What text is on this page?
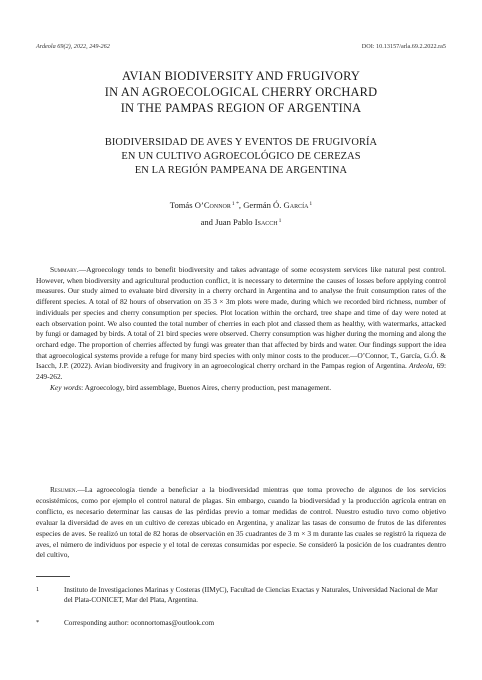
Ardeola 69(2), 2022, 249-262	DOI: 10.13157/arla.69.2.2022.ra5
AVIAN BIODIVERSITY AND FRUGIVORY
IN AN AGROECOLOGICAL CHERRY ORCHARD
IN THE PAMPAS REGION OF ARGENTINA
BIODIVERSIDAD DE AVES Y EVENTOS DE FRUGIVORÍA
EN UN CULTIVO AGROECOLÓGICO DE CEREZAS
EN LA REGIÓN PAMPEANA DE ARGENTINA
Tomás O’Connor$^{1 *}$, Germán Ó. García$^1$
and Juan Pablo Isacch$^1$

Summary.—Agroecology tends to benefit biodiversity and takes advantage of some ecosystem services like natural pest control. However, when biodiversity and agricultural production conflict, it is necessary to determine the causes of losses before applying control measures. Our study aimed to evaluate bird diversity in a cherry orchard in Argentina and to analyse the fruit consumption rates of the different species. A total of 82 hours of observation on 35 3 × 3m plots were made, during which we recorded bird richness, number of individuals per species and cherry consumption per species. Plot location within the orchard, tree shape and time of day were noted at each observation point. We also counted the total number of cherries in each plot and classed them as healthy, with watermarks, attacked by fungi or damaged by birds. A total of 21 bird species were observed. Cherry consumption was higher during the morning and along the orchard edge. The proportion of cherries affected by fungi was greater than that affected by birds and water. Our findings support the idea that agroecological systems provide a refuge for many bird species with only minor costs to the producer.—O’Connor, T., García, G.Ó. & Isacch, J.P. (2022). Avian biodiversity and frugivory in an agroecological cherry orchard in the Pampas region of Argentina. Ardeola, 69: 249-262.

Key words: Agroecology, bird assemblage, Buenos Aires, cherry production, pest management.

Resumen.—La agroecología tiende a beneficiar a la biodiversidad mientras que toma provecho de algunos de los servicios ecosistémicos, como por ejemplo el control natural de plagas. Sin embargo, cuando la biodiversidad y la producción agrícola entran en conflicto, es necesario determinar las causas de las pérdidas previo a tomar medidas de control. Nuestro estudio tuvo como objetivo evaluar la diversidad de aves en un cultivo de cerezas ubicado en Argentina, y analizar las tasas de consumo de frutos de las diferentes especies de aves. Se realizó un total de 82 horas de observación en 35 cuadrantes de 3 m × 3 m durante las cuales se registró la riqueza de aves, el número de individuos por especie y el total de cerezas consumidas por especie. Se consideró la posición de los cuadrantes dentro del cultivo,

1	Instituto de Investigaciones Marinas y Costeras (IIMyC), Facultad de Ciencias Exactas y Naturales, Universidad Nacional de Mar del Plata-CONICET, Mar del Plata, Argentina.
*	Corresponding author: oconnortomas@outlook.com
